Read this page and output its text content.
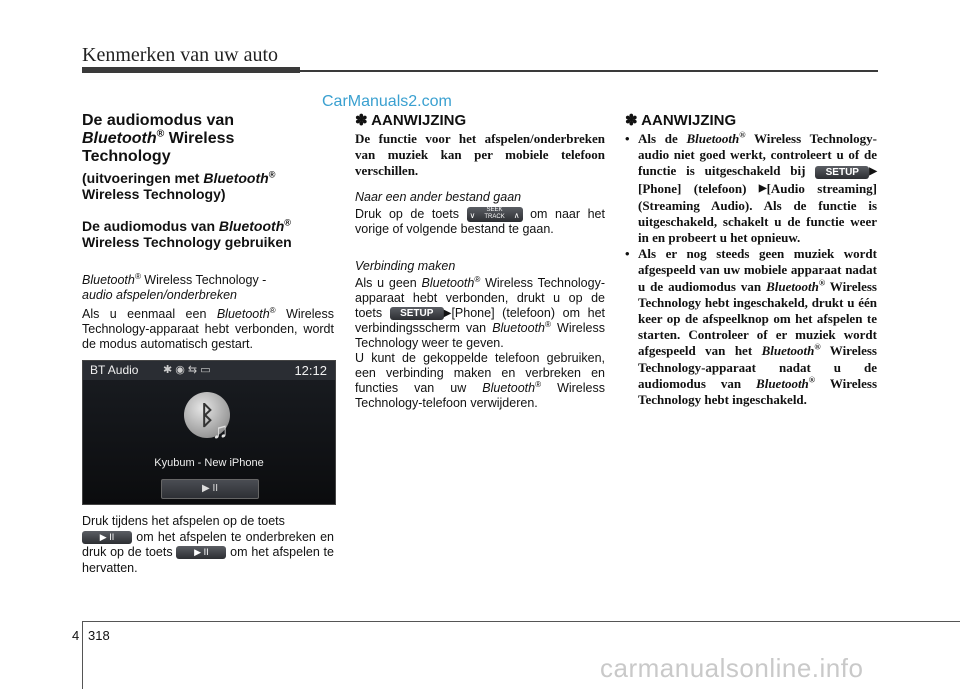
Kenmerken van uw auto
CarManuals2.com
De audiomodus van
Bluetooth® Wireless
Technology
(uitvoeringen met Bluetooth®
Wireless Technology)
De audiomodus van Bluetooth®
Wireless Technology gebruiken
Bluetooth® Wireless Technology -
audio afspelen/onderbreken
Als u eenmaal een Bluetooth® Wireless Technology-apparaat hebt verbonden, wordt de modus automatisch gestart.
BT Audio ✱ ◉ ⇆ ▭	12:12
ᛒ
♫
Kyubum - New iPhone
▶ II
Druk tijdens het afspelen op de toets
▶ II om het afspelen te onderbreken en druk op de toets ▶ II om het afspelen te hervatten.
✽ AANWIJZING
De functie voor het afspelen/onderbreken van muziek kan per mobiele telefoon verschillen.
Naar een ander bestand gaan
Druk op de toets ∨
SEEK
TRACK ∧ om naar het vorige of volgende bestand te gaan.
Verbinding maken
Als u geen Bluetooth® Wireless Technology-apparaat hebt verbonden, drukt u op de toets SETUP ▶[Phone] (telefoon) om het verbindingsscherm van Bluetooth® Wireless Technology weer te geven.
U kunt de gekoppelde telefoon gebruiken, een verbinding maken en verbreken en functies van uw Bluetooth® Wireless Technology-telefoon verwijderen.
✽ AANWIJZING
• Als de Bluetooth® Wireless Technology-audio niet goed werkt, controleert u of de functie is uitgeschakeld bij SETUP ▶[Phone] (telefoon) ▶[Audio streaming] (Streaming Audio). Als de functie is uitgeschakeld, schakelt u de functie weer in en probeert u het opnieuw.
• Als er nog steeds geen muziek wordt afgespeeld van uw mobiele apparaat nadat u de audiomodus van Bluetooth® Wireless Technology hebt ingeschakeld, drukt u één keer op de afspeelknop om het afspelen te starten. Controleer of er muziek wordt afgespeeld van het Bluetooth® Wireless Technology-apparaat nadat u de audiomodus van Bluetooth® Wireless Technology hebt ingeschakeld.
4 318
carmanualsonline.info
